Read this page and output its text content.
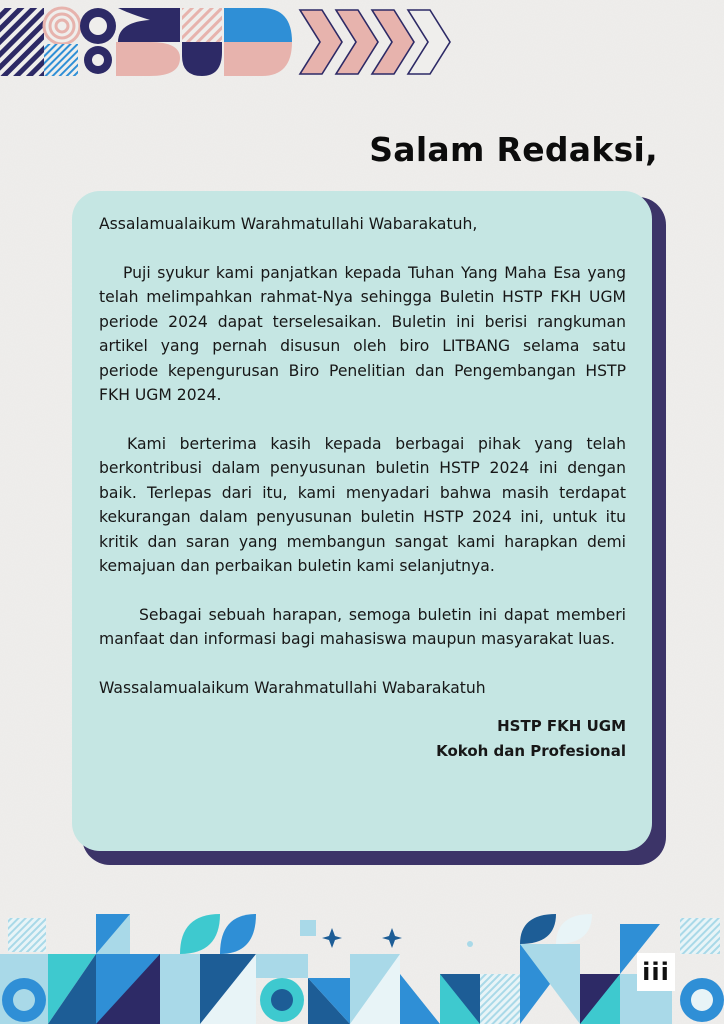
Salam Redaksi,

Assalamualaikum Warahmatullahi Wabarakatuh,

Puji syukur kami panjatkan kepada Tuhan Yang Maha Esa yang telah melimpahkan rahmat-Nya sehingga Buletin HSTP FKH UGM periode 2024 dapat terselesaikan. Buletin ini berisi rangkuman artikel yang pernah disusun oleh biro LITBANG selama satu periode kepengurusan Biro Penelitian dan Pengembangan HSTP FKH UGM 2024.

Kami berterima kasih kepada berbagai pihak yang telah berkontribusi dalam penyusunan buletin HSTP 2024 ini dengan baik. Terlepas dari itu, kami menyadari bahwa masih terdapat kekurangan dalam penyusunan buletin HSTP 2024 ini, untuk itu kritik dan saran yang membangun sangat kami harapkan demi kemajuan dan perbaikan buletin kami selanjutnya.

Sebagai sebuah harapan, semoga buletin ini dapat memberi manfaat dan informasi bagi mahasiswa maupun masyarakat luas.

Wassalamualaikum Warahmatullahi Wabarakatuh

HSTP FKH UGM

Kokoh dan Profesional

iii
